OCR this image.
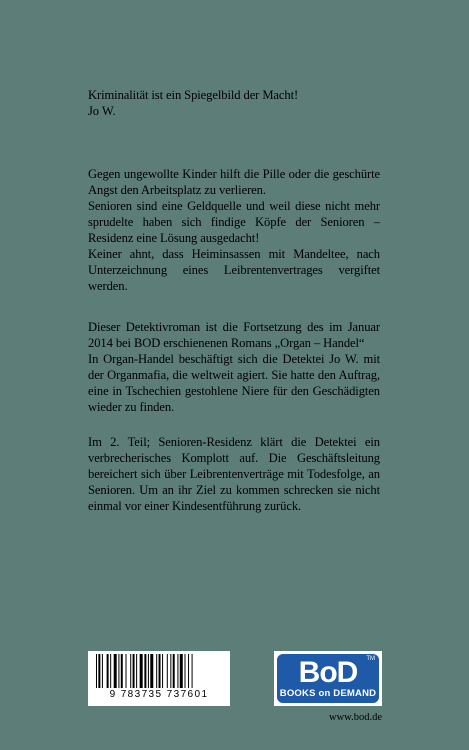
Kriminalität ist ein Spiegelbild der Macht!

Jo W.

Gegen ungewollte Kinder hilft die Pille oder die geschürte Angst den Arbeitsplatz zu verlieren.

Senioren sind eine Geldquelle und weil diese nicht mehr sprudelte haben sich findige Köpfe der Senioren – Residenz eine Lösung ausgedacht!

Keiner ahnt, dass Heiminsassen mit Mandeltee, nach Unterzeichnung eines Leibrentenvertrages vergiftet werden.

Dieser Detektivroman ist die Fortsetzung des im Januar 2014 bei BOD erschienenen Romans „Organ – Handel“

In Organ-Handel beschäftigt sich die Detektei Jo W. mit der Organmafia, die weltweit agiert. Sie hatte den Auftrag, eine in Tschechien gestohlene Niere für den Geschädigten wieder zu finden.

Im 2. Teil; Senioren-Residenz klärt die Detektei ein verbrecherisches Komplott auf. Die Geschäftsleitung bereichert sich über Leibrentenverträge mit Todesfolge, an Senioren. Um an ihr Ziel zu kommen schrecken sie nicht einmal vor einer Kindesentführung zurück.

9 783735 737601
BoD	TM
BOOKS on DEMAND
www.bod.de
